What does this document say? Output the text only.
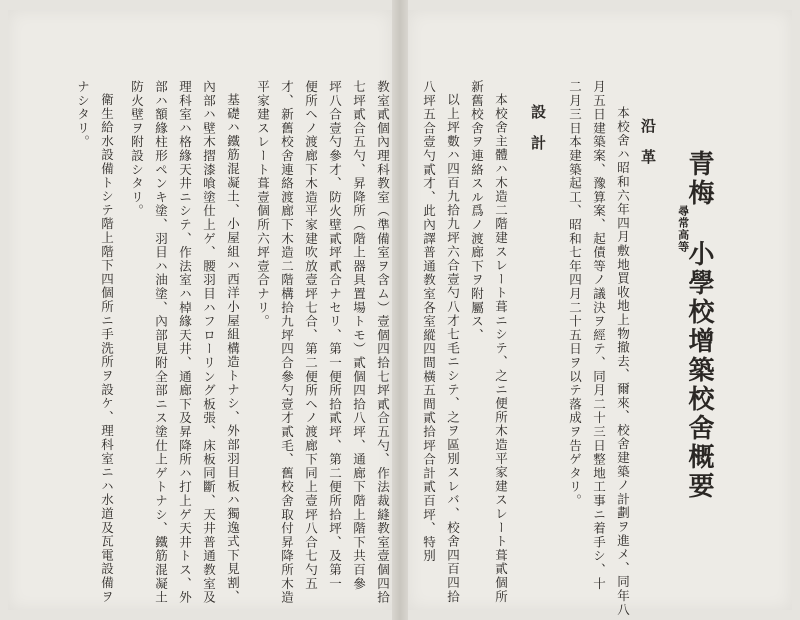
青梅
尋常高等
小學校增築校舍概要
沿革
本校舍ハ昭和六年四月敷地買收地上物撤去、爾來、校舍建築ノ計劃ヲ進メ、同年八
月五日建築案、豫算案、起債等ノ議決ヲ經テ、同月二十三日整地工事ニ着手シ、十
二月三日本建築起工、昭和七年四月二十五日ヲ以テ落成ヲ告ゲタリ。
設計
本校舍主體ハ木造二階建スレート葺ニシテ、之ニ便所木造平家建スレート葺貳個所
新舊校舍ヲ連絡スル爲ノ渡廊下ヲ附屬ス、
以上坪數ハ四百九拾九坪六合壹勺八才七毛ニシテ、之ヲ區別スレバ、校舍四百四拾
八坪五合壹勺貳才、此內譯普通教室各室縱四間橫五間貳拾坪合計貳百坪、特別
教室貳個內理科教室（準備室ヲ含ム）壹個四拾七坪貳合五勺、作法裁縫教室壹個四拾
七坪貳合五勺、昇降所（階上器具置場トモ）貳個四拾八坪、通廊下階上階下共百參
坪八合壹勺參才、防火壁貳坪貳合ナセリ、第一便所拾貳坪、第二便所拾坪、及第一
便所ヘノ渡廊下木造平家建吹放壹坪七合、第二便所ヘノ渡廊下同上壹坪八合七勺五
才、新舊校舍連絡渡廊下木造二階構拾九坪四合參勺壹才貳毛、舊校舍取付昇降所木造
平家建スレート葺壹個所六坪壹合ナリ。
基礎ハ鐵筋混凝土、小屋組ハ西洋小屋組構造トナシ、外部羽目板ハ獨逸式下見割、
內部ハ壁木摺漆喰塗仕上ゲ、腰羽目ハフローリング板張、床板同斷、天井普通教室及
理科室ハ格緣天井ニシテ、作法室ハ棹緣天井、通廊下及昇降所ハ打上ゲ天井トス、外
部ハ額緣柱形ペンキ塗、羽目ハ油塗、內部見附全部ニス塗仕上ゲトナシ、鐵筋混凝土
防火壁ヲ附設シタリ。
衛生給水設備トシテ階上階下四個所ニ手洗所ヲ設ケ、理科室ニハ水道及瓦電設備ヲ
ナシタリ。
